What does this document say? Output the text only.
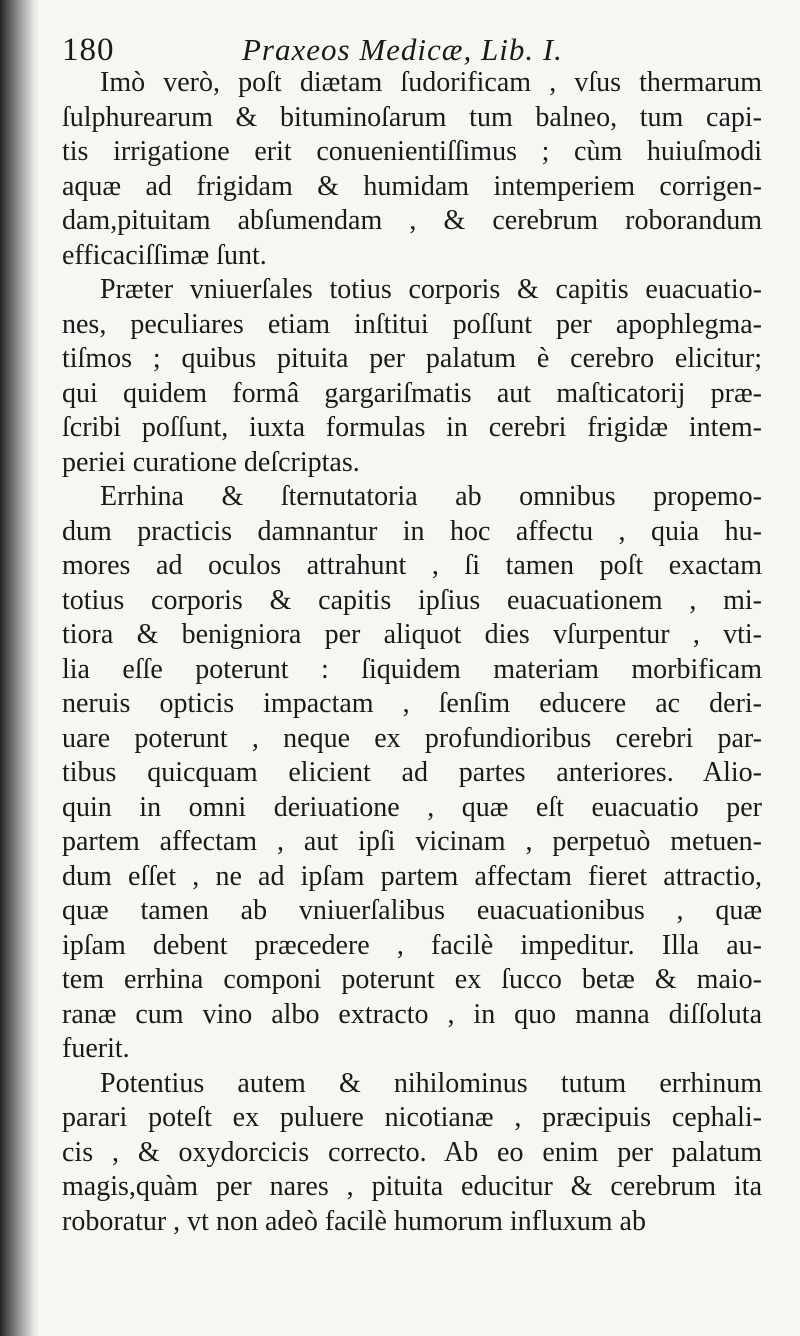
180	Praxeos Medicæ, Lib. I.
Imò verò, poſt diætam ſudorificam , vſus thermarum
ſulphurearum & bituminoſarum tum balneo, tum capi-
tis irrigatione erit conuenientiſſimus ; cùm huiuſmodi
aquæ ad frigidam & humidam intemperiem corrigen-
dam,pituitam abſumendam , & cerebrum roborandum
efficaciſſimæ ſunt.
Præter vniuerſales totius corporis & capitis euacuatio-
nes, peculiares etiam inſtitui poſſunt per apophlegma-
tiſmos ; quibus pituita per palatum è cerebro elicitur;
qui quidem formâ gargariſmatis aut maſticatorij præ-
ſcribi poſſunt, iuxta formulas in cerebri frigidæ intem-
periei curatione deſcriptas.
Errhina & ſternutatoria ab omnibus propemo-
dum practicis damnantur in hoc affectu , quia hu-
mores ad oculos attrahunt , ſi tamen poſt exactam
totius corporis & capitis ipſius euacuationem , mi-
tiora & benigniora per aliquot dies vſurpentur , vti-
lia eſſe poterunt : ſiquidem materiam morbificam
neruis opticis impactam , ſenſim educere ac deri-
uare poterunt , neque ex profundioribus cerebri par-
tibus quicquam elicient ad partes anteriores. Alio-
quin in omni deriuatione , quæ eſt euacuatio per
partem affectam , aut ipſi vicinam , perpetuò metuen-
dum eſſet , ne ad ipſam partem affectam fieret attractio,
quæ tamen ab vniuerſalibus euacuationibus , quæ
ipſam debent præcedere , facilè impeditur. Illa au-
tem errhina componi poterunt ex ſucco betæ & maio-
ranæ cum vino albo extracto , in quo manna diſſoluta
fuerit.
Potentius autem & nihilominus tutum errhinum
parari poteſt ex puluere nicotianæ , præcipuis cephali-
cis , & oxydorcicis correcto. Ab eo enim per palatum
magis,quàm per nares , pituita educitur & cerebrum ita
roboratur , vt non adeò facilè humorum influxum ab
